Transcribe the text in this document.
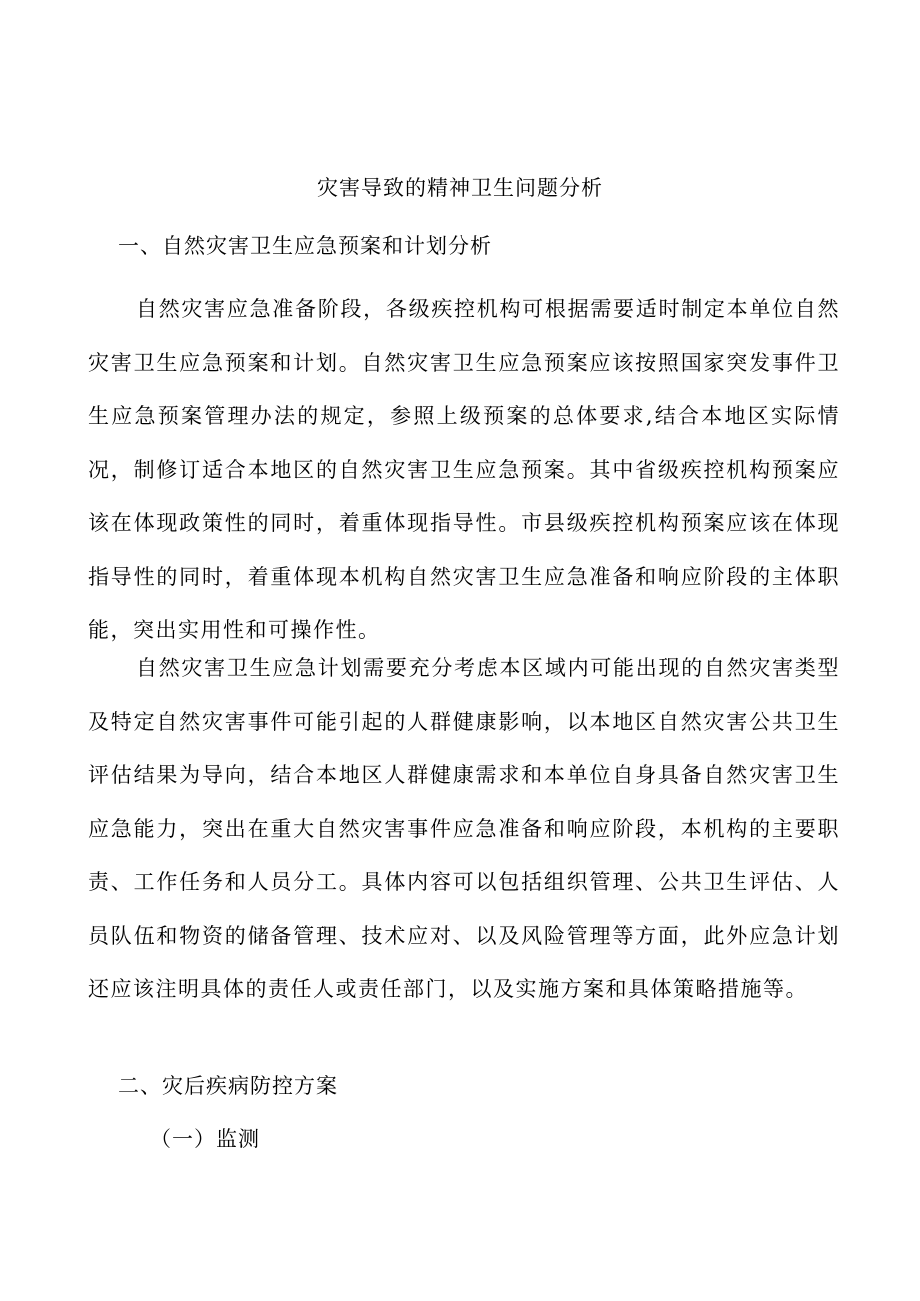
灾害导致的精神卫生问题分析
一、自然灾害卫生应急预案和计划分析

自然灾害应急准备阶段，各级疾控机构可根据需要适时制定本单位自然灾害卫生应急预案和计划。自然灾害卫生应急预案应该按照国家突发事件卫生应急预案管理办法的规定，参照上级预案的总体要求,结合本地区实际情况，制修订适合本地区的自然灾害卫生应急预案。其中省级疾控机构预案应该在体现政策性的同时，着重体现指导性。市县级疾控机构预案应该在体现指导性的同时，着重体现本机构自然灾害卫生应急准备和响应阶段的主体职能，突出实用性和可操作性。

自然灾害卫生应急计划需要充分考虑本区域内可能出现的自然灾害类型及特定自然灾害事件可能引起的人群健康影响，以本地区自然灾害公共卫生评估结果为导向，结合本地区人群健康需求和本单位自身具备自然灾害卫生应急能力，突出在重大自然灾害事件应急准备和响应阶段，本机构的主要职责、工作任务和人员分工。具体内容可以包括组织管理、公共卫生评估、人员队伍和物资的储备管理、技术应对、以及风险管理等方面，此外应急计划还应该注明具体的责任人或责任部门，以及实施方案和具体策略措施等。

二、灾后疾病防控方案
（一）监测
